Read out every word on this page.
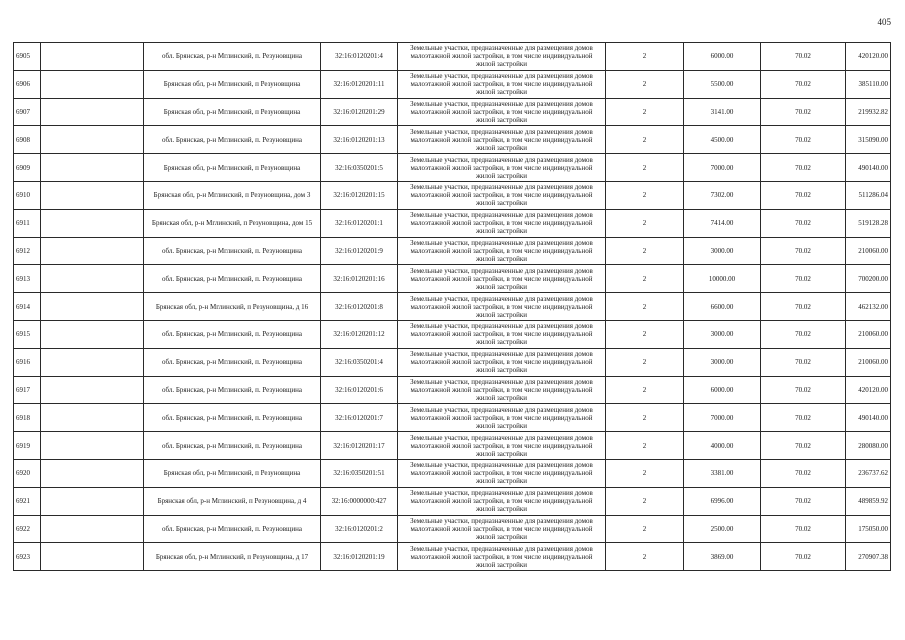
405
6905		обл. Брянская, р-н Мглинский, п. Резуновщина	32:16:0120201:4	Земельные участки, предназначенные для размещения домов малоэтажной жилой застройки, в том числе индивидуальной жилой застройки	2	6000.00	70.02	420120.00
6906		Брянская обл, р-н Мглинский, п Резуновщина	32:16:0120201:11	Земельные участки, предназначенные для размещения домов малоэтажной жилой застройки, в том числе индивидуальной жилой застройки	2	5500.00	70.02	385110.00
6907		Брянская обл, р-н Мглинский, п Резуновщина	32:16:0120201:29	Земельные участки, предназначенные для размещения домов малоэтажной жилой застройки, в том числе индивидуальной жилой застройки	2	3141.00	70.02	219932.82
6908		обл. Брянская, р-н Мглинский, п. Резуновщина	32:16:0120201:13	Земельные участки, предназначенные для размещения домов малоэтажной жилой застройки, в том числе индивидуальной жилой застройки	2	4500.00	70.02	315090.00
6909		Брянская обл, р-н Мглинский, п Резуновщина	32:16:0350201:5	Земельные участки, предназначенные для размещения домов малоэтажной жилой застройки, в том числе индивидуальной жилой застройки	2	7000.00	70.02	490140.00
6910		Брянская обл, р-н Мглинский, п Резуновщина, дом 3	32:16:0120201:15	Земельные участки, предназначенные для размещения домов малоэтажной жилой застройки, в том числе индивидуальной жилой застройки	2	7302.00	70.02	511286.04
6911		Брянская обл, р-н Мглинский, п Резуновщина, дом 15	32:16:0120201:1	Земельные участки, предназначенные для размещения домов малоэтажной жилой застройки, в том числе индивидуальной жилой застройки	2	7414.00	70.02	519128.28
6912		обл. Брянская, р-н Мглинский, п. Резуновщина	32:16:0120201:9	Земельные участки, предназначенные для размещения домов малоэтажной жилой застройки, в том числе индивидуальной жилой застройки	2	3000.00	70.02	210060.00
6913		обл. Брянская, р-н Мглинский, п. Резуновщина	32:16:0120201:16	Земельные участки, предназначенные для размещения домов малоэтажной жилой застройки, в том числе индивидуальной жилой застройки	2	10000.00	70.02	700200.00
6914		Брянская обл, р-н Мглинский, п Резуновщина, д 16	32:16:0120201:8	Земельные участки, предназначенные для размещения домов малоэтажной жилой застройки, в том числе индивидуальной жилой застройки	2	6600.00	70.02	462132.00
6915		обл. Брянская, р-н Мглинский, п. Резуновщина	32:16:0120201:12	Земельные участки, предназначенные для размещения домов малоэтажной жилой застройки, в том числе индивидуальной жилой застройки	2	3000.00	70.02	210060.00
6916		обл. Брянская, р-н Мглинский, п. Резуновщина	32:16:0350201:4	Земельные участки, предназначенные для размещения домов малоэтажной жилой застройки, в том числе индивидуальной жилой застройки	2	3000.00	70.02	210060.00
6917		обл. Брянская, р-н Мглинский, п. Резуновщина	32:16:0120201:6	Земельные участки, предназначенные для размещения домов малоэтажной жилой застройки, в том числе индивидуальной жилой застройки	2	6000.00	70.02	420120.00
6918		обл. Брянская, р-н Мглинский, п. Резуновщина	32:16:0120201:7	Земельные участки, предназначенные для размещения домов малоэтажной жилой застройки, в том числе индивидуальной жилой застройки	2	7000.00	70.02	490140.00
6919		обл. Брянская, р-н Мглинский, п. Резуновщина	32:16:0120201:17	Земельные участки, предназначенные для размещения домов малоэтажной жилой застройки, в том числе индивидуальной жилой застройки	2	4000.00	70.02	280080.00
6920		Брянская обл, р-н Мглинский, п Резуновщина	32:16:0350201:51	Земельные участки, предназначенные для размещения домов малоэтажной жилой застройки, в том числе индивидуальной жилой застройки	2	3381.00	70.02	236737.62
6921		Брянская обл, р-н Мглинский, п Резуновщина, д 4	32:16:0000000:427	Земельные участки, предназначенные для размещения домов малоэтажной жилой застройки, в том числе индивидуальной жилой застройки	2	6996.00	70.02	489859.92
6922		обл. Брянская, р-н Мглинский, п. Резуновщина	32:16:0120201:2	Земельные участки, предназначенные для размещения домов малоэтажной жилой застройки, в том числе индивидуальной жилой застройки	2	2500.00	70.02	175050.00
6923		Брянская обл, р-н Мглинский, п Резуновщина, д 17	32:16:0120201:19	Земельные участки, предназначенные для размещения домов малоэтажной жилой застройки, в том числе индивидуальной жилой застройки	2	3869.00	70.02	270907.38
